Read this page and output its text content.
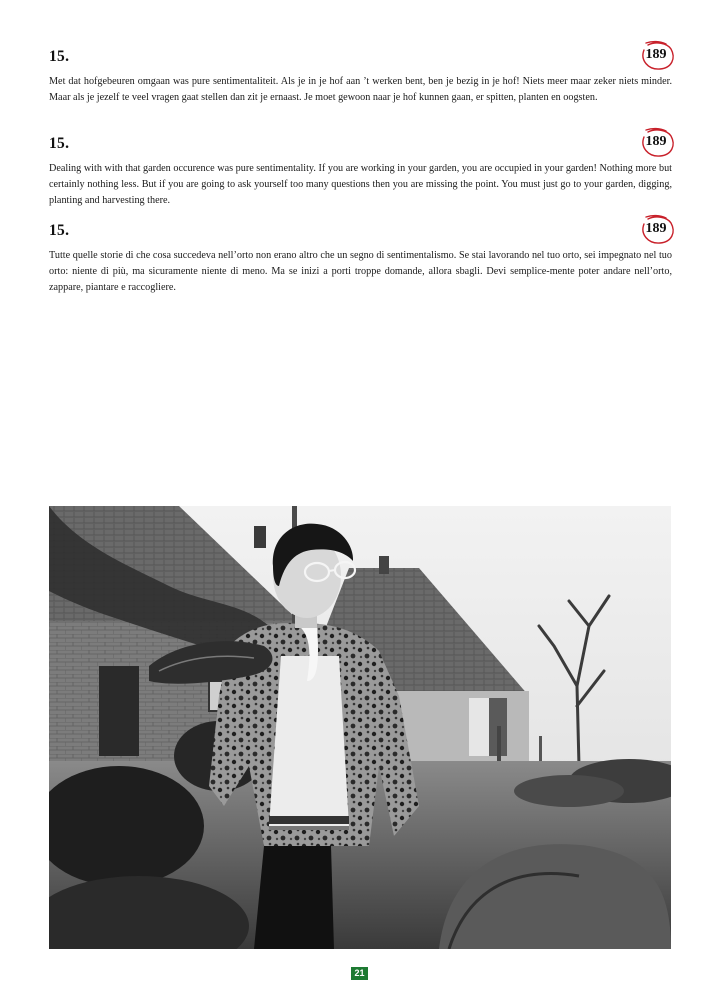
15.	189

Met dat hofgebeuren omgaan was pure sentimentaliteit. Als je in je hof aan ’t werken bent, ben je bezig in je hof! Niets meer maar zeker niets minder. Maar als je jezelf te veel vragen gaat stellen dan zit je ernaast. Je moet gewoon naar je hof kunnen gaan, er spitten, planten en oogsten.

15.	189

Dealing with with that garden occurence was pure sentimentality. If you are working in your garden, you are occupied in your garden! Nothing more but certainly nothing less. But if you are going to ask yourself too many questions then you are missing the point. You must just go to your garden, digging, planting and harvesting there.

15.	189

Tutte quelle storie di che cosa succedeva nell’orto non erano altro che un segno di sentimentalismo. Se stai lavorando nel tuo orto, sei impegnato nel tuo orto: niente di più, ma sicuramente niente di meno. Ma se inizi a porti troppe domande, allora sbagli. Devi semplice-mente poter andare nell’orto, zappare, piantare e raccogliere.

21
